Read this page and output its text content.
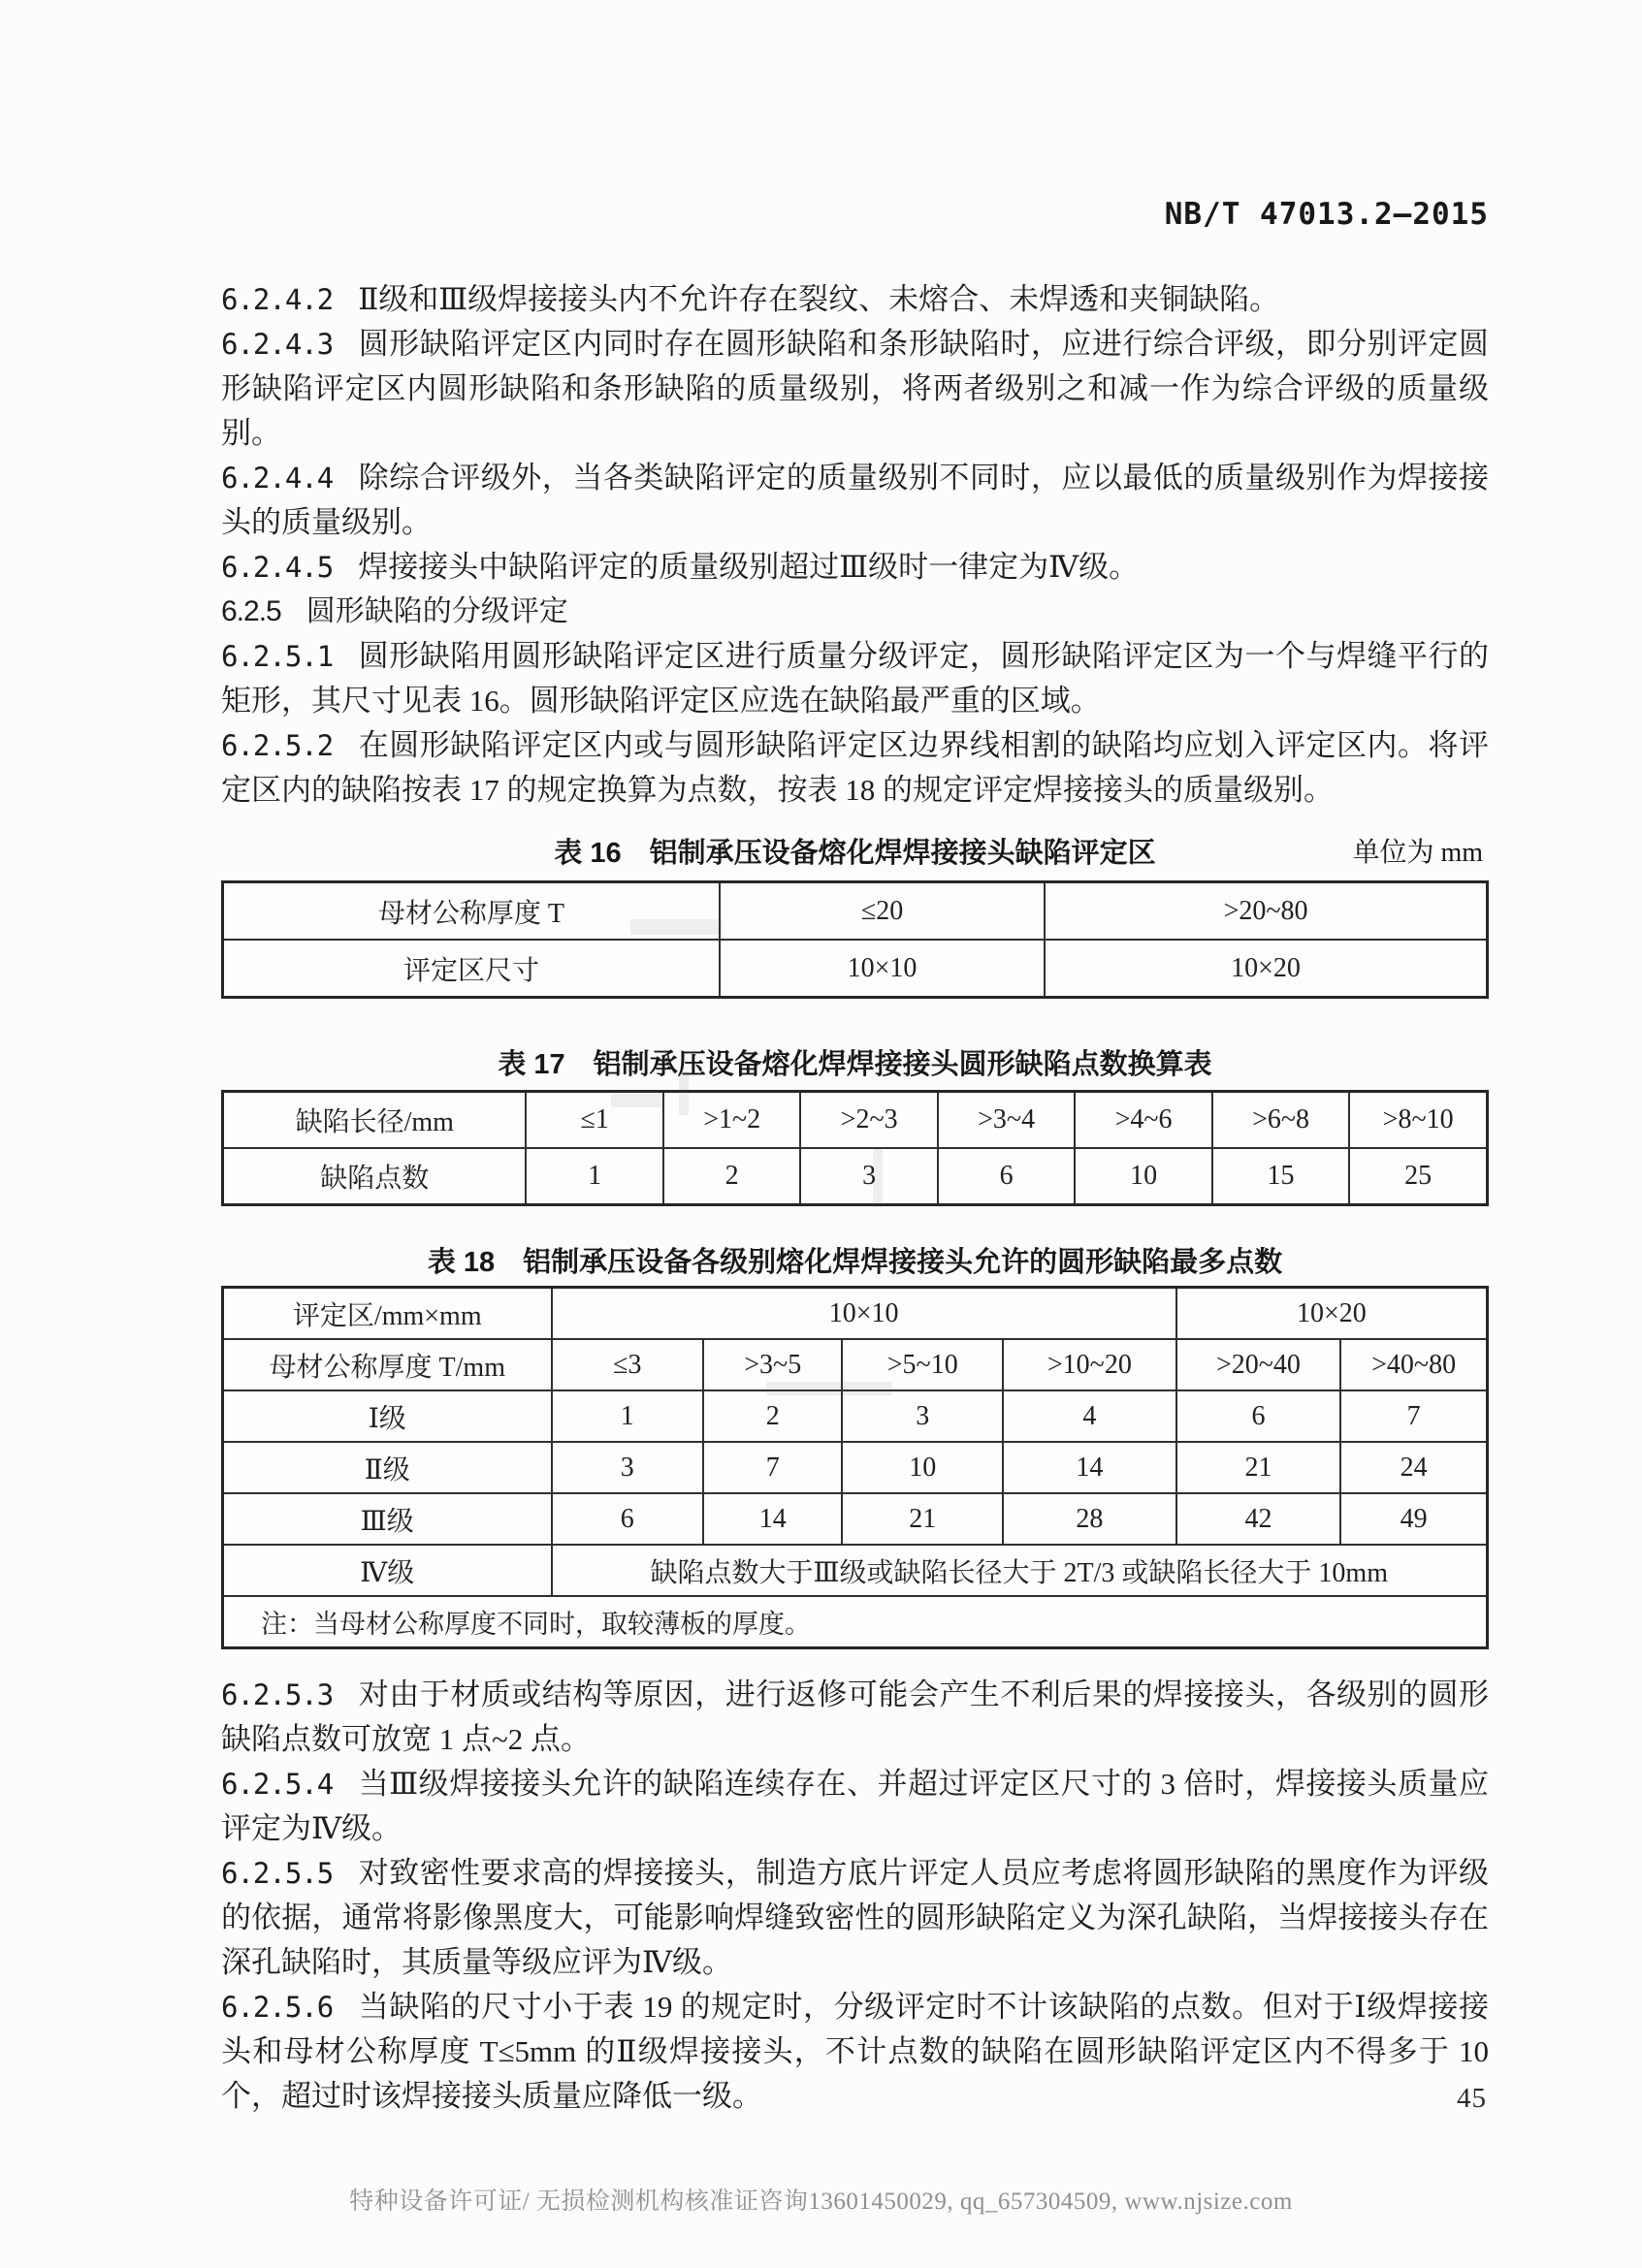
NB/T 47013.2—2015

6.2.4.2 Ⅱ级和Ⅲ级焊接接头内不允许存在裂纹、未熔合、未焊透和夹铜缺陷。

6.2.4.3 圆形缺陷评定区内同时存在圆形缺陷和条形缺陷时，应进行综合评级，即分别评定圆形缺陷评定区内圆形缺陷和条形缺陷的质量级别，将两者级别之和减一作为综合评级的质量级别。

6.2.4.4 除综合评级外，当各类缺陷评定的质量级别不同时，应以最低的质量级别作为焊接接头的质量级别。

6.2.4.5 焊接接头中缺陷评定的质量级别超过Ⅲ级时一律定为Ⅳ级。

6.2.5 圆形缺陷的分级评定

6.2.5.1 圆形缺陷用圆形缺陷评定区进行质量分级评定，圆形缺陷评定区为一个与焊缝平行的矩形，其尺寸见表 16。圆形缺陷评定区应选在缺陷最严重的区域。

6.2.5.2 在圆形缺陷评定区内或与圆形缺陷评定区边界线相割的缺陷均应划入评定区内。将评定区内的缺陷按表 17 的规定换算为点数，按表 18 的规定评定焊接接头的质量级别。

表 16　铝制承压设备熔化焊焊接接头缺陷评定区	单位为 mm
母材公称厚度 T	≤20	>20~80
评定区尺寸	10×10	10×20
表 17　铝制承压设备熔化焊焊接接头圆形缺陷点数换算表
缺陷长径/mm	≤1	>1~2	>2~3	>3~4	>4~6	>6~8	>8~10
缺陷点数	1	2	3	6	10	15	25
表 18　铝制承压设备各级别熔化焊焊接接头允许的圆形缺陷最多点数
评定区/mm×mm	10×10				10×20	
母材公称厚度 T/mm	≤3	>3~5	>5~10	>10~20	>20~40	>40~80
Ⅰ级	1	2	3	4	6	7
Ⅱ级	3	7	10	14	21	24
Ⅲ级	6	14	21	28	42	49
Ⅳ级	缺陷点数大于Ⅲ级或缺陷长径大于 2T/3 或缺陷长径大于 10mm					
注：当母材公称厚度不同时，取较薄板的厚度。						

6.2.5.3 对由于材质或结构等原因，进行返修可能会产生不利后果的焊接接头，各级别的圆形缺陷点数可放宽 1 点~2 点。

6.2.5.4 当Ⅲ级焊接接头允许的缺陷连续存在、并超过评定区尺寸的 3 倍时，焊接接头质量应评定为Ⅳ级。

6.2.5.5 对致密性要求高的焊接接头，制造方底片评定人员应考虑将圆形缺陷的黑度作为评级的依据，通常将影像黑度大，可能影响焊缝致密性的圆形缺陷定义为深孔缺陷，当焊接接头存在深孔缺陷时，其质量等级应评为Ⅳ级。

6.2.5.6 当缺陷的尺寸小于表 19 的规定时，分级评定时不计该缺陷的点数。但对于Ⅰ级焊接接头和母材公称厚度 T≤5mm 的Ⅱ级焊接接头，不计点数的缺陷在圆形缺陷评定区内不得多于 10 个，超过时该焊接接头质量应降低一级。	45
特种设备许可证/ 无损检测机构核准证咨询13601450029, qq_657304509, www.njsize.com
